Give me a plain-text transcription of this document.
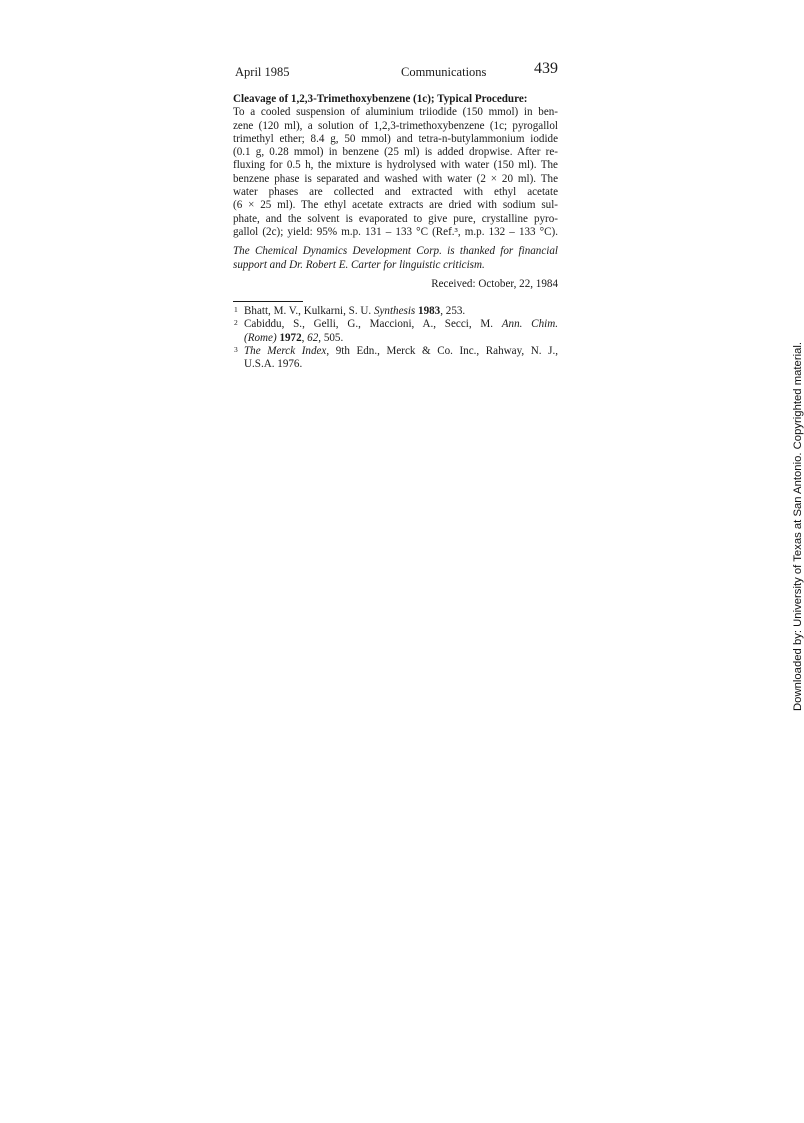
April 1985	Communications	439
Cleavage of 1,2,3-Trimethoxybenzene (1c); Typical Procedure:
To a cooled suspension of aluminium triiodide (150 mmol) in ben-
zene (120 ml), a solution of 1,2,3-trimethoxybenzene (1c; pyrogallol
trimethyl ether; 8.4 g, 50 mmol) and tetra-n-butylammonium iodide
(0.1 g, 0.28 mmol) in benzene (25 ml) is added dropwise. After re-
fluxing for 0.5 h, the mixture is hydrolysed with water (150 ml). The
benzene phase is separated and washed with water (2 × 20 ml). The
water phases are collected and extracted with ethyl acetate
(6 × 25 ml). The ethyl acetate extracts are dried with sodium sul-
phate, and the solvent is evaporated to give pure, crystalline pyro-
gallol (2c); yield: 95% m.p. 131 – 133 °C (Ref.³, m.p. 132 – 133 °C).
The Chemical Dynamics Development Corp. is thanked for financial
support and Dr. Robert E. Carter for linguistic criticism.
Received: October, 22, 1984
1 Bhatt, M. V., Kulkarni, S. U. Synthesis 1983, 253.
2 Cabiddu, S., Gelli, G., Maccioni, A., Secci, M. Ann. Chim.
(Rome) 1972, 62, 505.
3 The Merck Index, 9th Edn., Merck & Co. Inc., Rahway, N. J.,
U.S.A. 1976.	Downloaded by: University of Texas at San Antonio. Copyrighted material.
